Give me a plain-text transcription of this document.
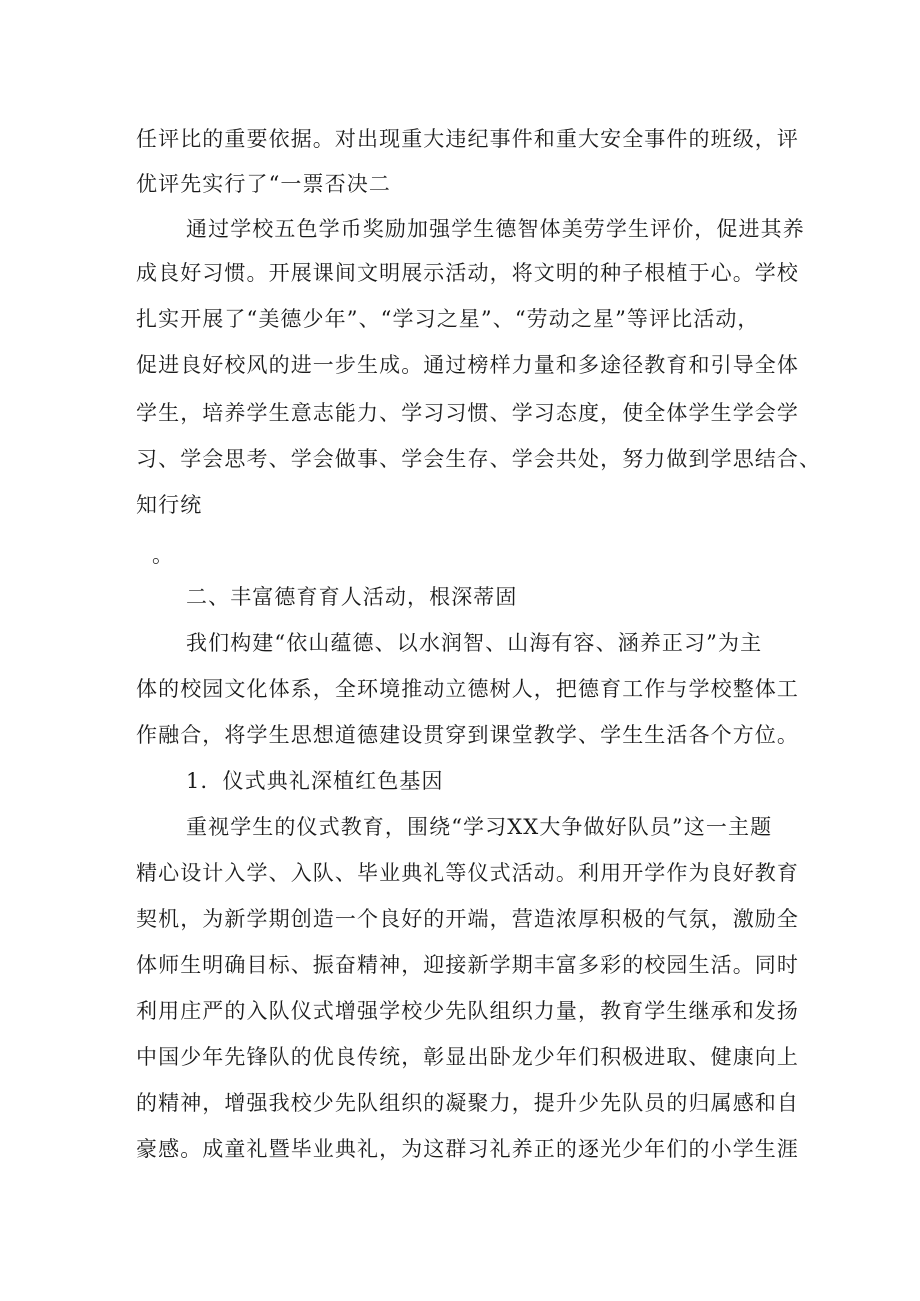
任评比的重要依据。对出现重大违纪事件和重大安全事件的班级，评
优评先实行了“一票否决二
通过学校五色学币奖励加强学生德智体美劳学生评价，促进其养
成良好习惯。开展课间文明展示活动，将文明的种子根植于心。学校
扎实开展了“美德少年”、“学习之星”、“劳动之星”等评比活动，
促进良好校风的进一步生成。通过榜样力量和多途径教育和引导全体
学生，培养学生意志能力、学习习惯、学习态度，使全体学生学会学
习、学会思考、学会做事、学会生存、学会共处，努力做到学思结合、
知行统
。
二、丰富德育育人活动，根深蒂固
我们构建“依山蕴德、以水润智、山海有容、涵养正习”为主
体的校园文化体系，全环境推动立德树人，把德育工作与学校整体工
作融合，将学生思想道德建设贯穿到课堂教学、学生生活各个方位。
1．仪式典礼深植红色基因
重视学生的仪式教育，围绕“学习XX大争做好队员”这一主题
精心设计入学、入队、毕业典礼等仪式活动。利用开学作为良好教育
契机，为新学期创造一个良好的开端，营造浓厚积极的气氛，激励全
体师生明确目标、振奋精神，迎接新学期丰富多彩的校园生活。同时
利用庄严的入队仪式增强学校少先队组织力量，教育学生继承和发扬
中国少年先锋队的优良传统，彰显出卧龙少年们积极进取、健康向上
的精神，增强我校少先队组织的凝聚力，提升少先队员的归属感和自
豪感。成童礼暨毕业典礼，为这群习礼养正的逐光少年们的小学生涯
